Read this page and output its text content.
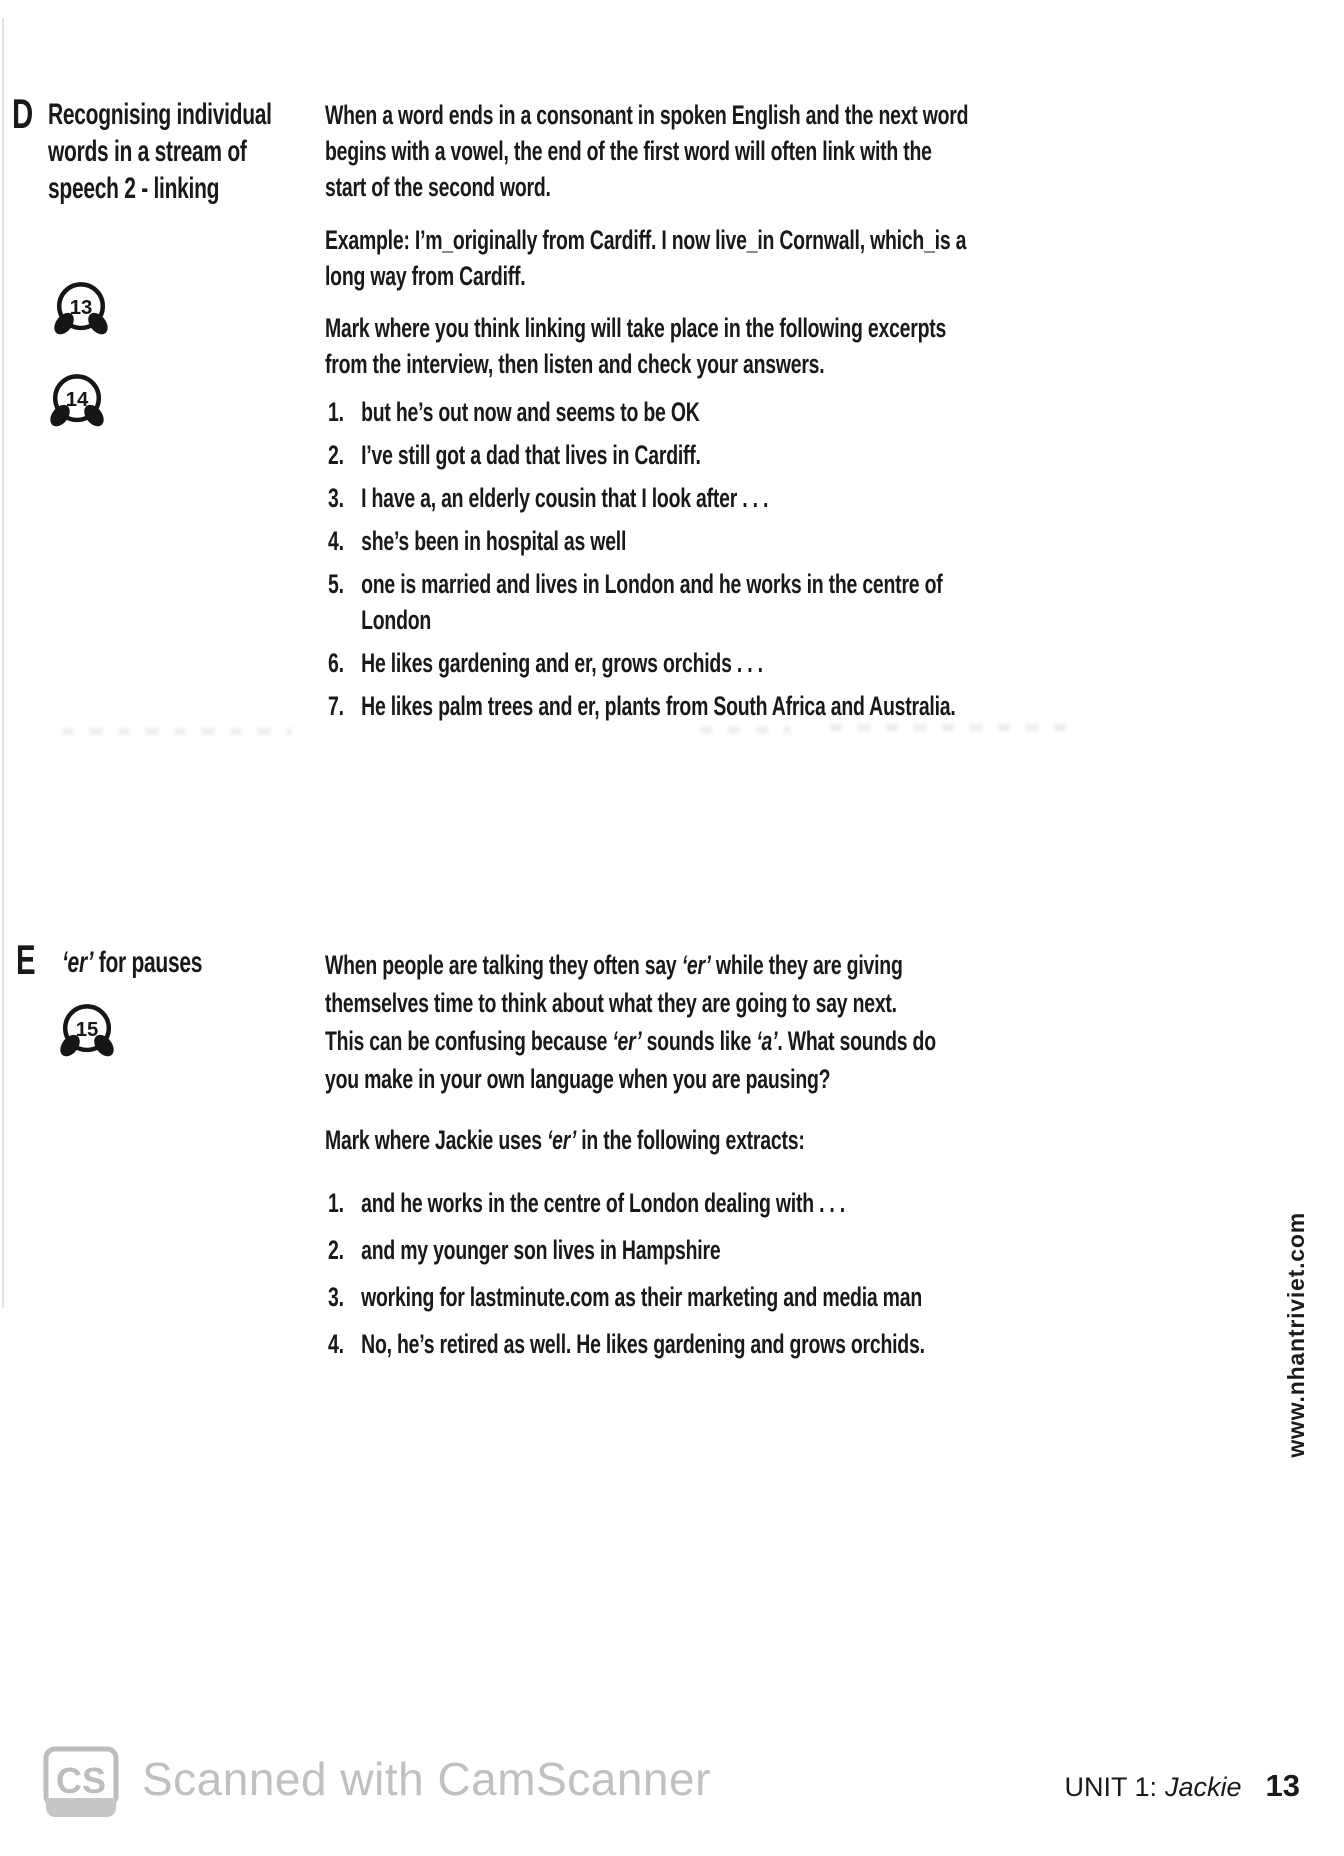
D Recognising individual
words in a stream of
speech 2 - linking
13
14
When a word ends in a consonant in spoken English and the next word
begins with a vowel, the end of the first word will often link with the
start of the second word.
Example: I’m_originally from Cardiff. I now live_in Cornwall, which_is a
long way from Cardiff.
Mark where you think linking will take place in the following excerpts
from the interview, then listen and check your answers.
1. but he’s out now and seems to be OK
2. I’ve still got a dad that lives in Cardiff.
3. I have a, an elderly cousin that I look after . . .
4. she’s been in hospital as well
5. one is married and lives in London and he works in the centre of
London
6. He likes gardening and er, grows orchids . . .
7. He likes palm trees and er, plants from South Africa and Australia.
E ‘er’ for pauses
15
When people are talking they often say ‘er’ while they are giving
themselves time to think about what they are going to say next.
This can be confusing because ‘er’ sounds like ‘a’. What sounds do
you make in your own language when you are pausing?
Mark where Jackie uses ‘er’ in the following extracts:
1. and he works in the centre of London dealing with . . .
2. and my younger son lives in Hampshire
3. working for lastminute.com as their marketing and media man
4. No, he’s retired as well. He likes gardening and grows orchids.	www.nhantriviet.com
CS Scanned with CamScanner	UNIT 1: Jackie 13
